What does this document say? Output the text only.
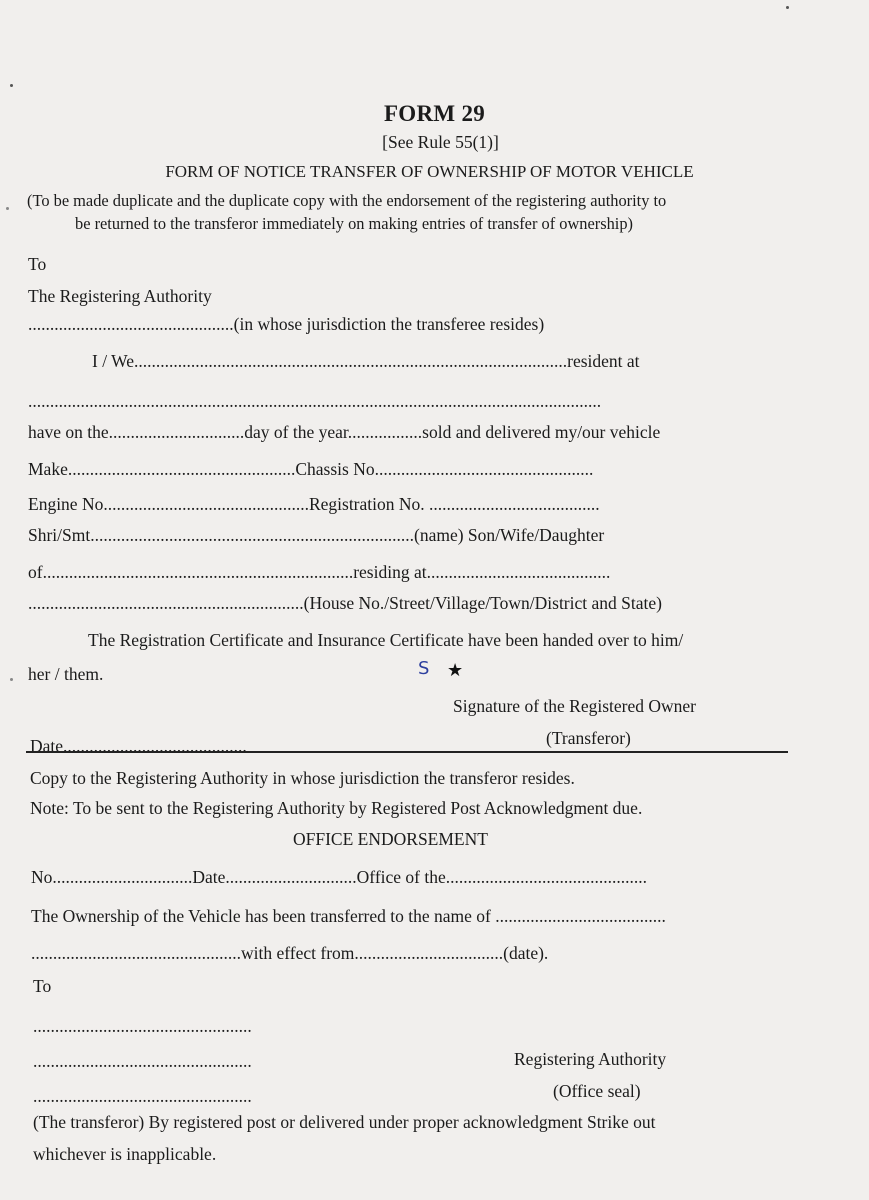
FORM 29
[See Rule 55(1)]
FORM OF NOTICE TRANSFER OF OWNERSHIP OF MOTOR VEHICLE
(To be made duplicate and the duplicate copy with the endorsement of the registering authority to
be returned to the transferor immediately on making entries of transfer of ownership)
To
The Registering Authority
...............................................(in whose jurisdiction the transferee resides)
I / We...................................................................................................resident at
...................................................................................................................................
have on the...............................day of the year.................sold and delivered my/our vehicle
Make....................................................Chassis No..................................................
Engine No...............................................Registration No. .......................................
Shri/Smt..........................................................................(name) Son/Wife/Daughter
of.......................................................................residing at..........................................
...............................................................(House No./Street/Village/Town/District and State)
The Registration Certificate and Insurance Certificate have been handed over to him/
her / them.	S ★
Signature of the Registered Owner
(Transferor)
Date..........................................
Copy to the Registering Authority in whose jurisdiction the transferor resides.
Note: To be sent to the Registering Authority by Registered Post Acknowledgment due.
OFFICE ENDORSEMENT
No................................Date..............................Office of the..............................................
The Ownership of the Vehicle has been transferred to the name of .......................................
................................................with effect from..................................(date).
To
..................................................
..................................................	Registering Authority
..................................................	(Office seal)
(The transferor) By registered post or delivered under proper acknowledgment Strike out
whichever is inapplicable.
